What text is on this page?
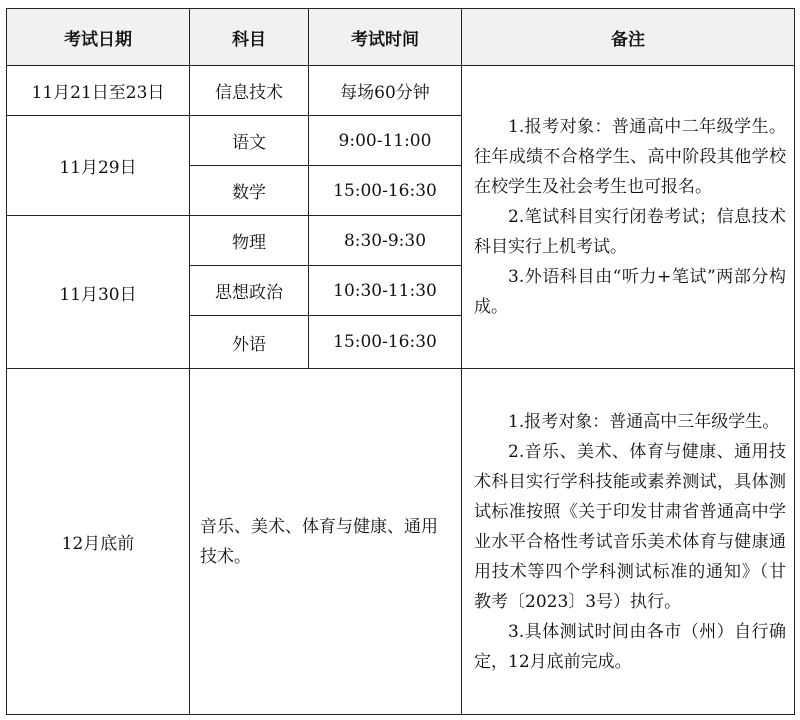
考试日期	科目	考试时间	备注
11月21日至23日	信息技术	每场60分钟	1.报考对象：普通高中二年级学生。往年成绩不合格学生、高中阶段其他学校在校学生及社会考生也可报名。

2.笔试科目实行闭卷考试；信息技术科目实行上机考试。

3.外语科目由“听力+笔试”两部分构成。

11月29日	语文	9:00-11:00	
	数学	15:00-16:30	
11月30日	物理	8:30-9:30	
	思想政治	10:30-11:30	
	外语	15:00-16:30	
12月底前	音乐、美术、体育与健康、通用技术。		1.报考对象：普通高中三年级学生。

2.音乐、美术、体育与健康、通用技术科目实行学科技能或素养测试，具体测试标准按照《关于印发甘肃省普通高中学业水平合格性考试音乐美术体育与健康通用技术等四个学科测试标准的通知》（甘教考〔2023〕3号）执行。

3.具体测试时间由各市（州）自行确定，12月底前完成。
